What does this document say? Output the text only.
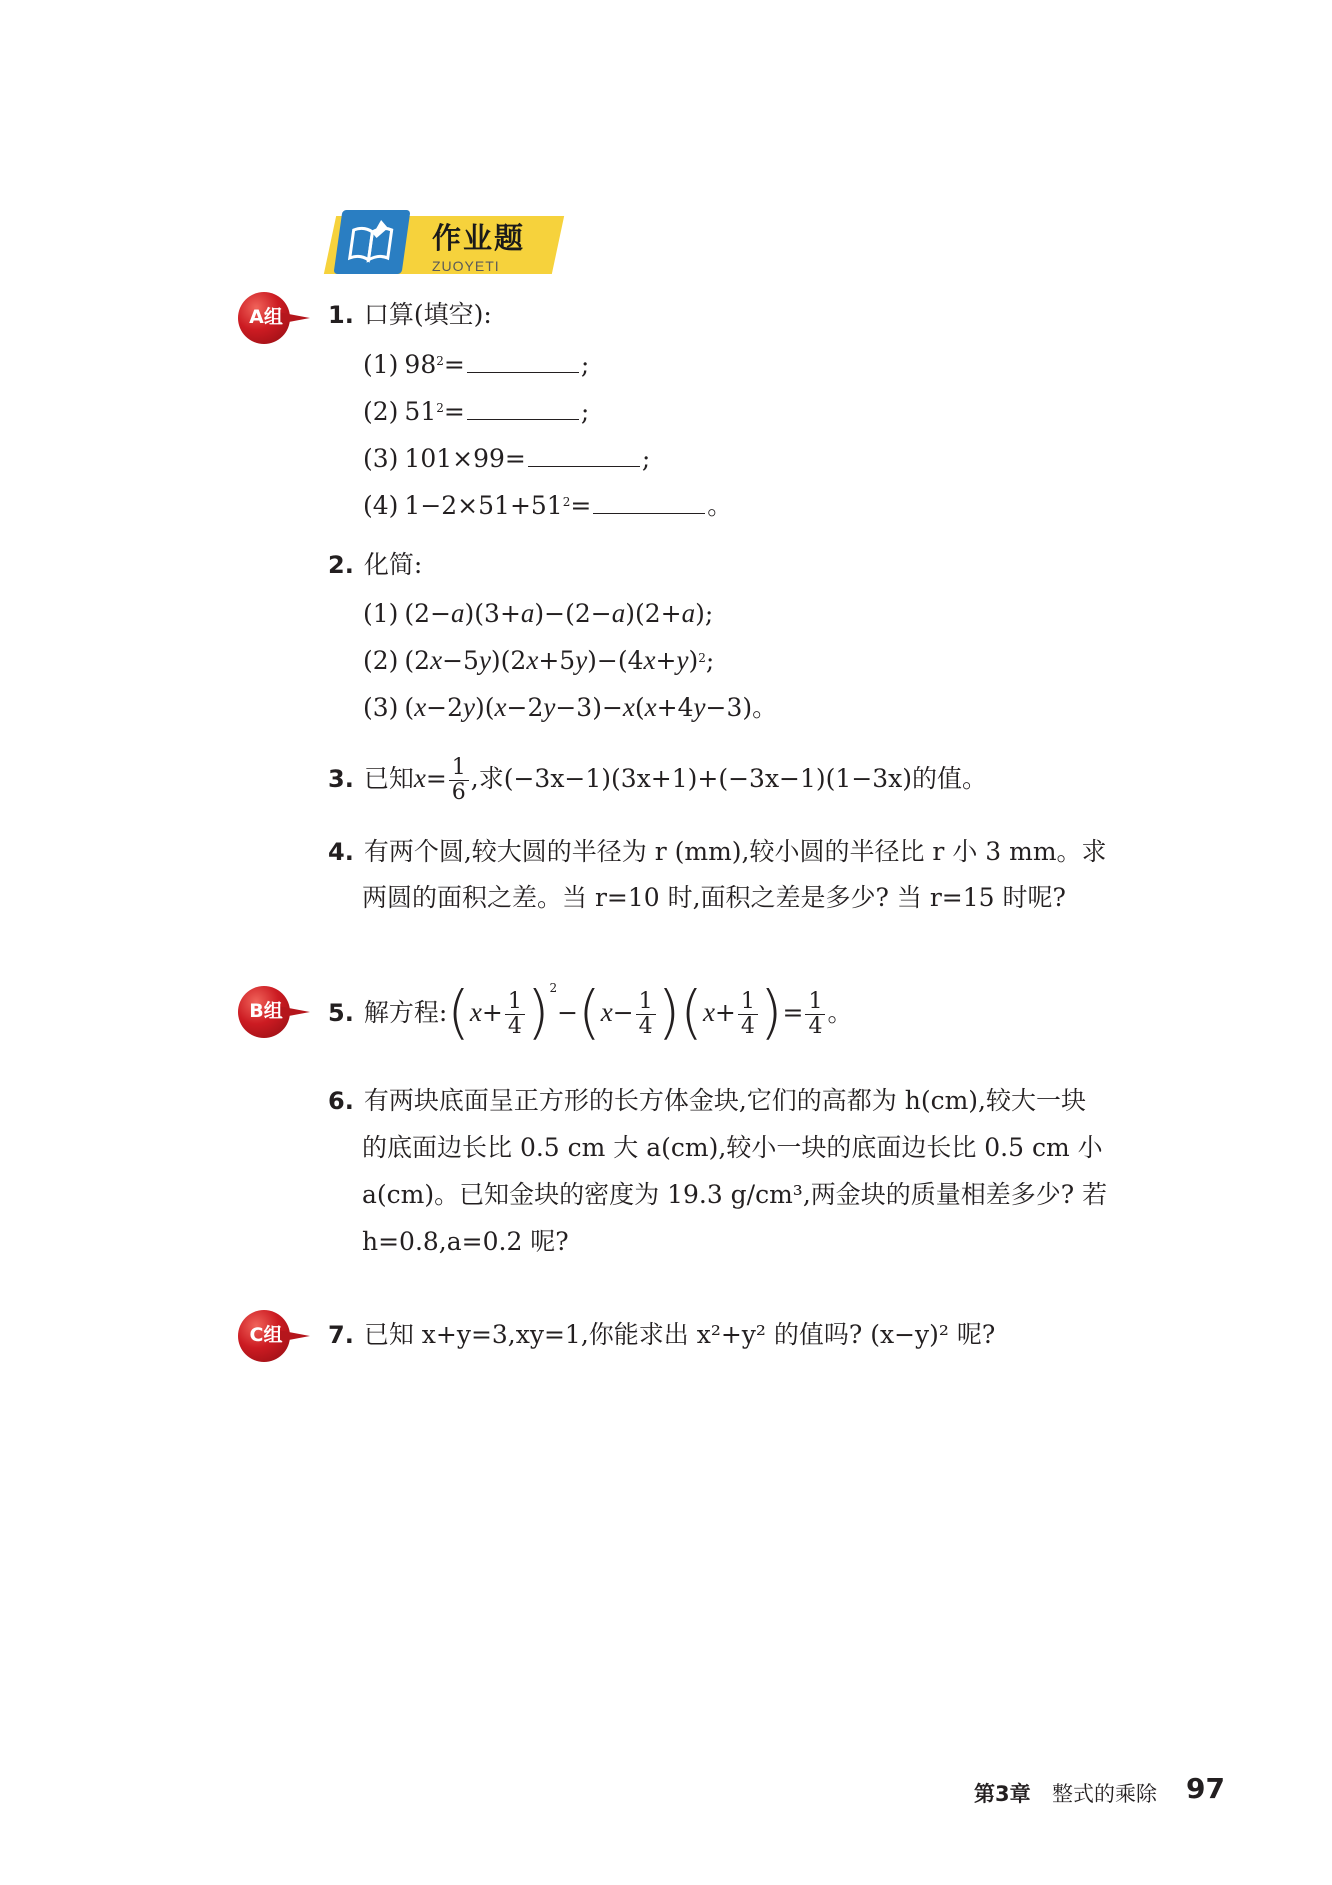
作业题
ZUOYETI
A组	1. 口算(填空):
(1) $98^2=$	;
(2) $51^2=$	;
(3) 101×99=	;
(4) $1-2\times 51+51^2=$	。
2. 化简:
(1) (2−a)(3+a)−(2−a)(2+a);
(2) $(2x-5y)(2x+5y)-(4x+y)^2$;
(3) (x−2y)(x−2y−3)−x(x+4y−3)。
3. 已知$x= \frac{1}{6}$ ,求(−3x−1)(3x+1)+(−3x−1)(1−3x)的值。
4. 有两个圆,较大圆的半径为 r (mm),较小圆的半径比 r 小 3 mm。求
两圆的面积之差。当 r=10 时,面积之差是多少? 当 r=15 时呢?
B组	5. 解方程:(x+ $\frac{1}{4} )^2-(x- \frac{1}{4} )(x+ \frac{1}{4}$ )= $\frac{1}{4}$ 。
6. 有两块底面呈正方形的长方体金块,它们的高都为 h(cm),较大一块
的底面边长比 0.5 cm 大 a(cm),较小一块的底面边长比 0.5 cm 小
a(cm)。已知金块的密度为 19.3 g/cm³,两金块的质量相差多少? 若
h=0.8,a=0.2 呢?
C组	7. 已知 x+y=3,xy=1,你能求出 x²+y² 的值吗? (x−y)² 呢?
第3章 整式的乘除 97
